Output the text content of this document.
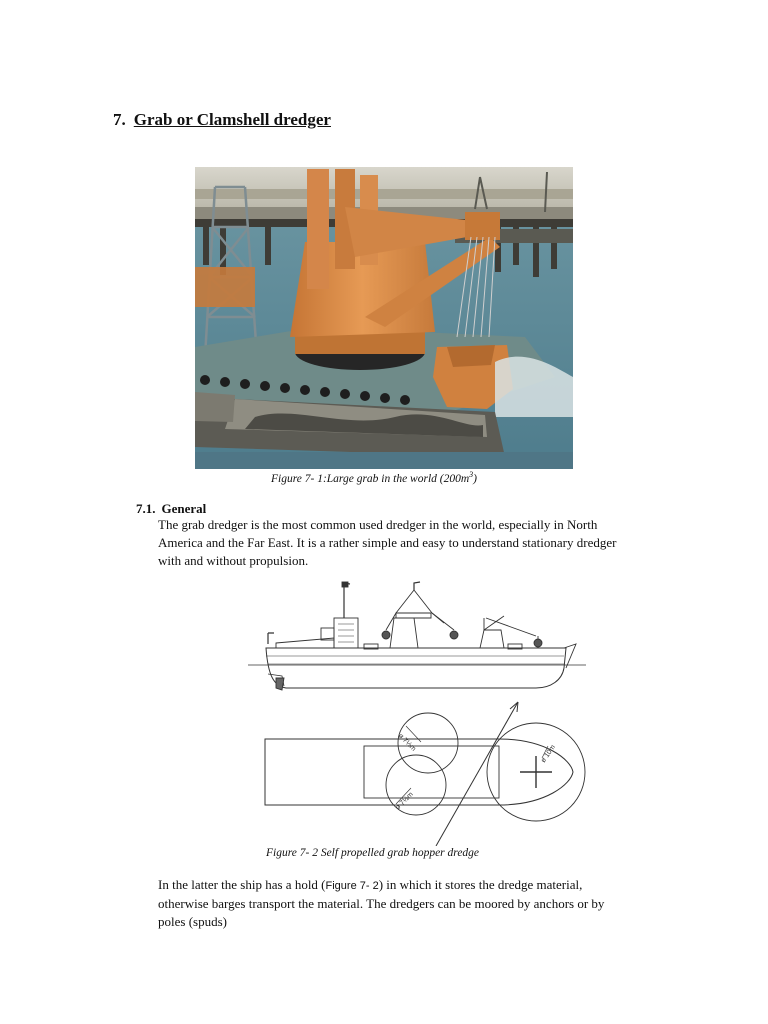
7. Grab or Clamshell dredger
Figure 7- 1:Large grab in the world $(200m^3)$
7.1. General
The grab dredger is the most common used dredger in the world, especially in North
America and the Far East. It is a rather simple and easy to understand stationary dredger
with and without propulsion.
ø 7½m
ø 7½m
ø 10m
Figure 7- 2 Self propelled grab hopper dredge
In the latter the ship has a hold (Figure 7- 2) in which it stores the dredge material,
otherwise barges transport the material. The dredgers can be moored by anchors or by
poles (spuds)
